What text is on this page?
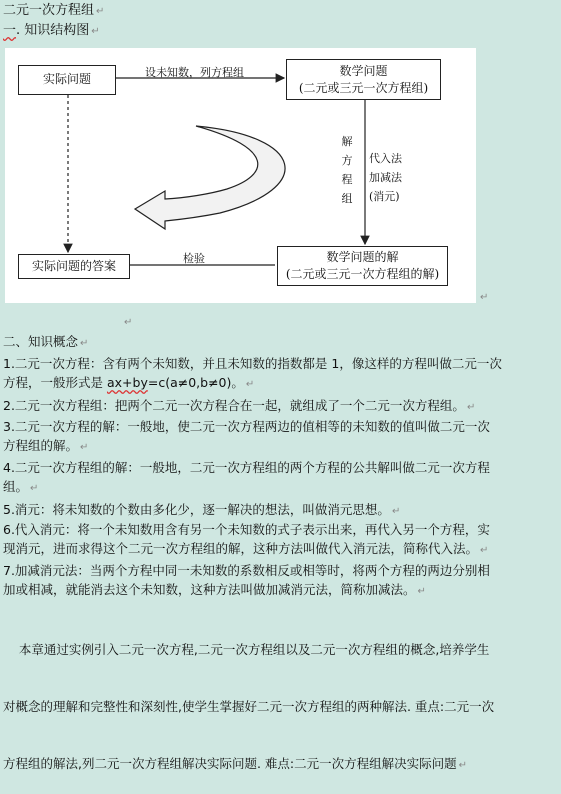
二元一次方程组 ↵
一. 知识结构图 ↵
实际问题	设未知数，列方程组	数学问题
(二元或三元一次方程组)
解
方
程
组
代入法
加减法
(消元)
数学问题的解
(二元或三元一次方程组的解)
检验
实际问题的答案
↵
↵
二、知识概念 ↵
1.二元一次方程：含有两个未知数，并且未知数的指数都是 1，像这样的方程叫做二元一次
方程，一般形式是 ax+by=c(a≠0,b≠0)。 ↵
2.二元一次方程组：把两个二元一次方程合在一起，就组成了一个二元一次方程组。 ↵
3.二元一次方程的解：一般地，使二元一次方程两边的值相等的未知数的值叫做二元一次
方程组的解。 ↵
4.二元一次方程组的解：一般地，二元一次方程组的两个方程的公共解叫做二元一次方程
组。 ↵
5.消元：将未知数的个数由多化少，逐一解决的想法，叫做消元思想。 ↵
6.代入消元：将一个未知数用含有另一个未知数的式子表示出来，再代入另一个方程，实
现消元，进而求得这个二元一次方程组的解，这种方法叫做代入消元法，简称代入法。 ↵
7.加减消元法：当两个方程中同一未知数的系数相反或相等时，将两个方程的两边分别相
加或相减，就能消去这个未知数，这种方法叫做加减消元法，简称加减法。 ↵

本章通过实例引入二元一次方程,二元一次方程组以及二元一次方程组的概念,培养学生

对概念的理解和完整性和深刻性,使学生掌握好二元一次方程组的两种解法. 重点:二元一次

方程组的解法,列二元一次方程组解决实际问题. 难点:二元一次方程组解决实际问题 ↵
